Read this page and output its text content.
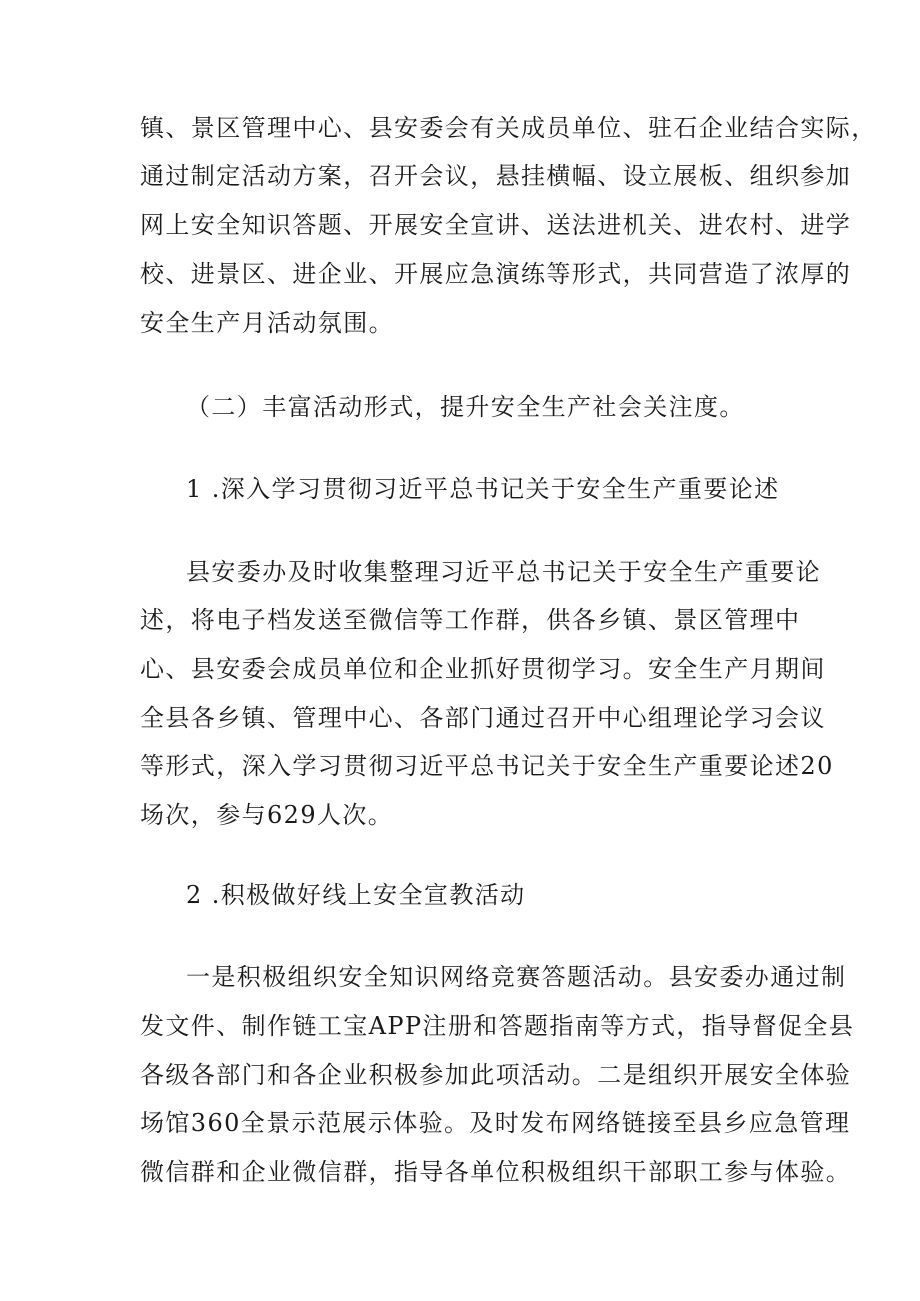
镇、景区管理中心、县安委会有关成员单位、驻石企业结合实际，
通过制定活动方案，召开会议，悬挂横幅、设立展板、组织参加
网上安全知识答题、开展安全宣讲、送法进机关、进农村、进学
校、进景区、进企业、开展应急演练等形式，共同营造了浓厚的
安全生产月活动氛围。
（二）丰富活动形式，提升安全生产社会关注度。
1 .深入学习贯彻习近平总书记关于安全生产重要论述
县安委办及时收集整理习近平总书记关于安全生产重要论
述，将电子档发送至微信等工作群，供各乡镇、景区管理中
心、县安委会成员单位和企业抓好贯彻学习。安全生产月期间
全县各乡镇、管理中心、各部门通过召开中心组理论学习会议
等形式，深入学习贯彻习近平总书记关于安全生产重要论述20
场次，参与629人次。
2 .积极做好线上安全宣教活动
一是积极组织安全知识网络竞赛答题活动。县安委办通过制
发文件、制作链工宝APP注册和答题指南等方式，指导督促全县
各级各部门和各企业积极参加此项活动。二是组织开展安全体验
场馆360全景示范展示体验。及时发布网络链接至县乡应急管理
微信群和企业微信群，指导各单位积极组织干部职工参与体验。
